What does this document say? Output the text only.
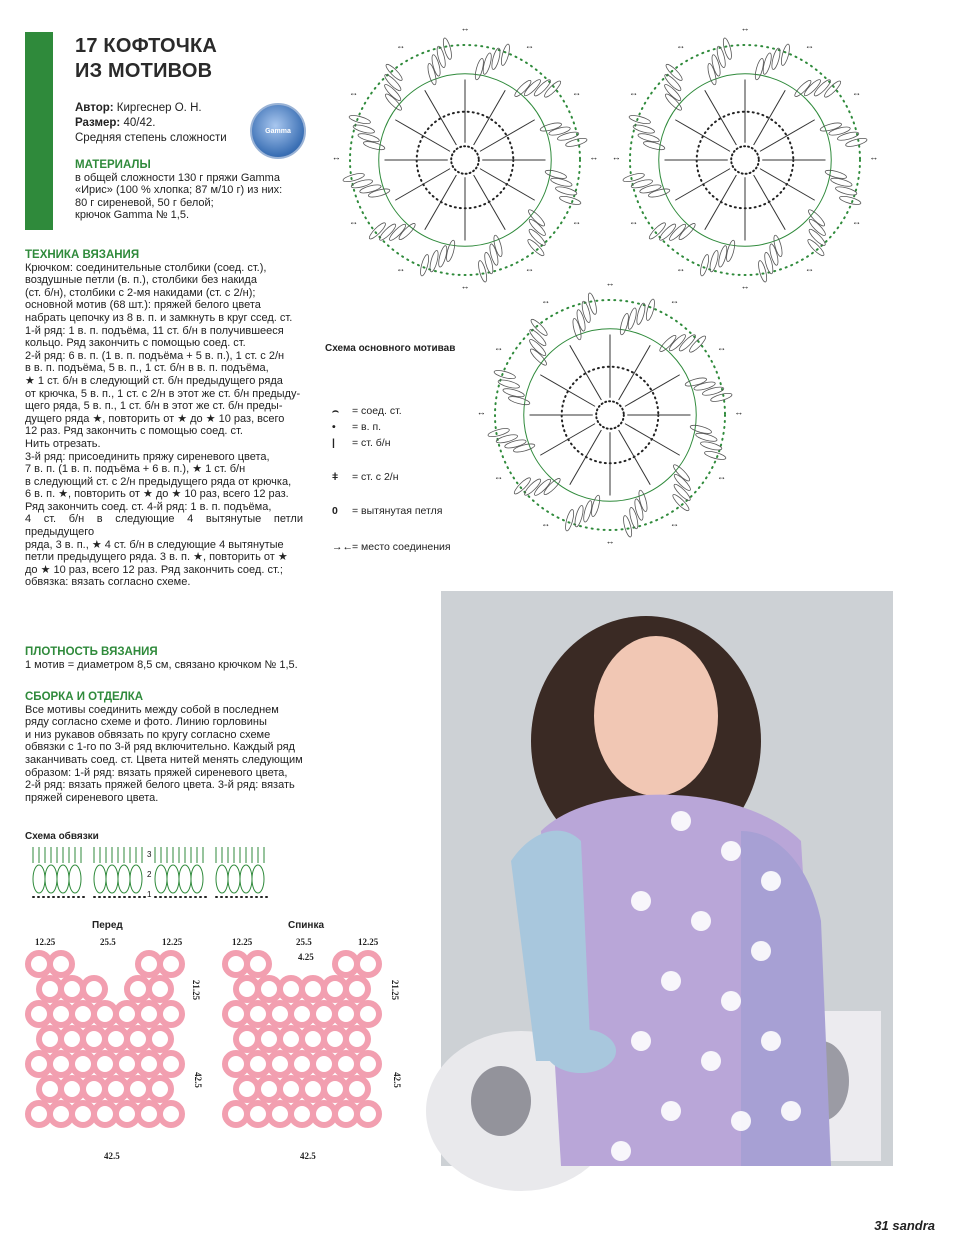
17 КОФТОЧКА
ИЗ МОТИВОВ
Автор: Киргеснер О. Н.
Размер: 40/42.
Средняя степень сложности
Gamma
МАТЕРИАЛЫ
в общей сложности 130 г пряжи Gamma
«Ирис» (100 % хлопка; 87 м/10 г) из них:
80 г сиреневой, 50 г белой;
крючок Gamma № 1,5.
ТЕХНИКА ВЯЗАНИЯ
Крючком: соединительные столбики (соед. ст.),
воздушные петли (в. п.), столбики без накида
(ст. б/н), столбики с 2-мя накидами (ст. с 2/н);
основной мотив (68 шт.): пряжей белого цвета
набрать цепочку из 8 в. п. и замкнуть в круг ссед. ст.
1-й ряд: 1 в. п. подъёма, 11 ст. б/н в получившееся
кольцо. Ряд закончить с помощью соед. ст.
2-й ряд: 6 в. п. (1 в. п. подъёма + 5 в. п.), 1 ст. с 2/н
в в. п. подъёма, 5 в. п., 1 ст. б/н в в. п. подъёма,
★ 1 ст. б/н в следующий ст. б/н предыдущего ряда
от крючка, 5 в. п., 1 ст. с 2/н в этот же ст. б/н предыду-
щего ряда, 5 в. п., 1 ст. б/н в этот же ст. б/н преды-
дущего ряда ★, повторить от ★ до ★ 10 раз, всего
12 раз. Ряд закончить с помощью соед. ст.
Нить отрезать.
3-й ряд: присоединить пряжу сиреневого цвета,
7 в. п. (1 в. п. подъёма + 6 в. п.), ★ 1 ст. б/н
в следующий ст. с 2/н предыдущего ряда от крючка,
6 в. п. ★, повторить от ★ до ★ 10 раз, всего 12 раз.
Ряд закончить соед. ст. 4-й ряд: 1 в. п. подъёма,
4 ст. б/н в следующие 4 вытянутые петли предыдущего
ряда, 3 в. п., ★ 4 ст. б/н в следующие 4 вытянутые
петли предыдущего ряда. 3 в. п. ★, повторить от ★
до ★ 10 раз, всего 12 раз. Ряд закончить соед. ст.;
обвязка: вязать согласно схеме.
ПЛОТНОСТЬ ВЯЗАНИЯ
1 мотив = диаметром 8,5 см, связано крючком № 1,5.
СБОРКА И ОТДЕЛКА
Все мотивы соединить между собой в последнем
ряду согласно схеме и фото. Линию горловины
и низ рукавов обвязать по кругу согласно схеме
обвязки с 1-го по 3-й ряд включительно. Каждый ряд
заканчивать соед. ст. Цвета нитей менять следующим
образом: 1-й ряд: вязать пряжей сиреневого цвета,
2-й ряд: вязать пряжей белого цвета. 3-й ряд: вязать
пряжей сиреневого цвета.
Схема обвязки
3
2
1
Перед	Спинка
12.25	25.5	12.25	12.25	25.5	12.25
4.25
21.25
42.5
21.25
42.5
42.5	42.5
↔
↔
↔
↔
↔
↔
↔
↔
↔
↔
↔
↔
↔
↔
↔
↔
↔
↔
↔
↔
↔
↔
↔
↔
↔
↔
↔
↔
↔
↔
↔
↔
↔
↔
↔
↔
Схема основного мотивав
⌢	= соед. ст.
•	= в. п.
|	= ст. б/н
ǂ	= ст. с 2/н
0	= вытянутая петля
→← = место соединения
31 sandra
